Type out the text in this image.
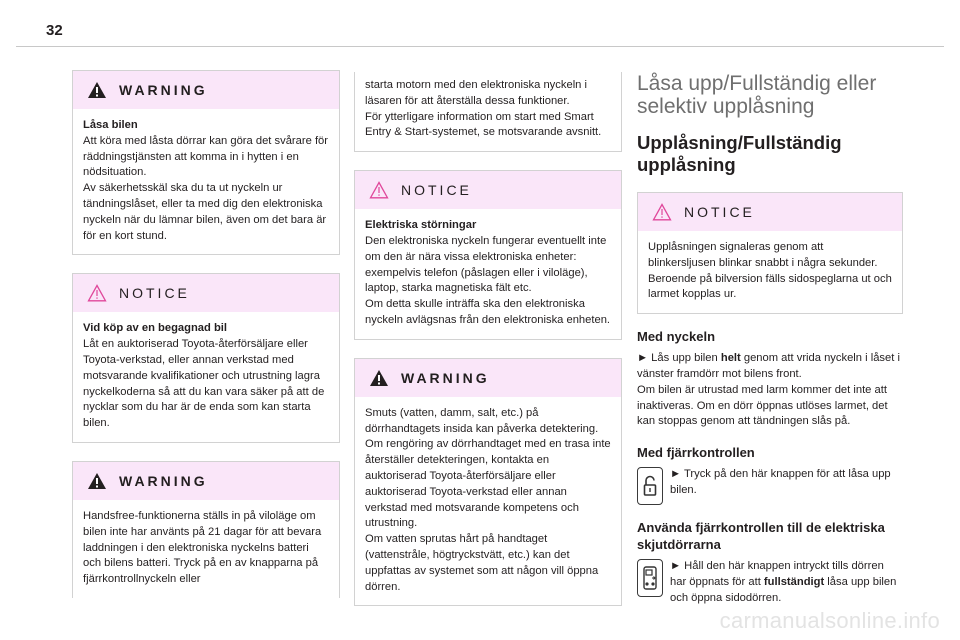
32
WARNING
Låsa bilen

Att köra med låsta dörrar kan göra det svårare för räddningstjänsten att komma in i hytten i en nödsituation.
Av säkerhetsskäl ska du ta ut nyckeln ur tändningslåset, eller ta med dig den elektroniska nyckeln när du lämnar bilen, även om det bara är för en kort stund.

NOTICE
Vid köp av en begagnad bil

Låt en auktoriserad Toyota-återförsäljare eller Toyota-verkstad, eller annan verkstad med motsvarande kvalifikationer och utrustning lagra nyckelkoderna så att du kan vara säker på att de nycklar som du har är de enda som kan starta bilen.

WARNING

Handsfree-funktionerna ställs in på viloläge om bilen inte har använts på 21 dagar för att bevara laddningen i den elektroniska nyckelns batteri och bilens batteri. Tryck på en av knapparna på fjärrkontrollnyckeln eller

starta motorn med den elektroniska nyckeln i läsaren för att återställa dessa funktioner.
För ytterligare information om start med Smart Entry & Start-systemet, se motsvarande avsnitt.

NOTICE
Elektriska störningar

Den elektroniska nyckeln fungerar eventuellt inte om den är nära vissa elektroniska enheter: exempelvis telefon (påslagen eller i viloläge), laptop, starka magnetiska fält etc.
Om detta skulle inträffa ska den elektroniska nyckeln avlägsnas från den elektroniska enheten.

WARNING

Smuts (vatten, damm, salt, etc.) på dörrhandtagets insida kan påverka detektering.
Om rengöring av dörrhandtaget med en trasa inte återställer detekteringen, kontakta en auktoriserad Toyota-återförsäljare eller auktoriserad Toyota-verkstad eller annan verkstad med motsvarande kompetens och utrustning.
Om vatten sprutas hårt på handtaget (vattenstråle, högtryckstvätt, etc.) kan det uppfattas av systemet som att någon vill öppna dörren.

Låsa upp/Fullständig eller selektiv upplåsning
Upplåsning/Fullständig upplåsning
NOTICE

Upplåsningen signaleras genom att blinkersljusen blinkar snabbt i några sekunder.
Beroende på bilversion fälls sidospeglarna ut och larmet kopplas ur.

Med nyckeln

► Lås upp bilen helt genom att vrida nyckeln i låset i vänster framdörr mot bilens front.
Om bilen är utrustad med larm kommer det inte att inaktiveras. Om en dörr öppnas utlöses larmet, det kan stoppas genom att tändningen slås på.

Med fjärrkontrollen

► Tryck på den här knappen för att låsa upp bilen.

Använda fjärrkontrollen till de elektriska skjutdörrarna

► Håll den här knappen intryckt tills dörren har öppnats för att fullständigt låsa upp bilen och öppna sidodörren.

carmanualsonline.info
